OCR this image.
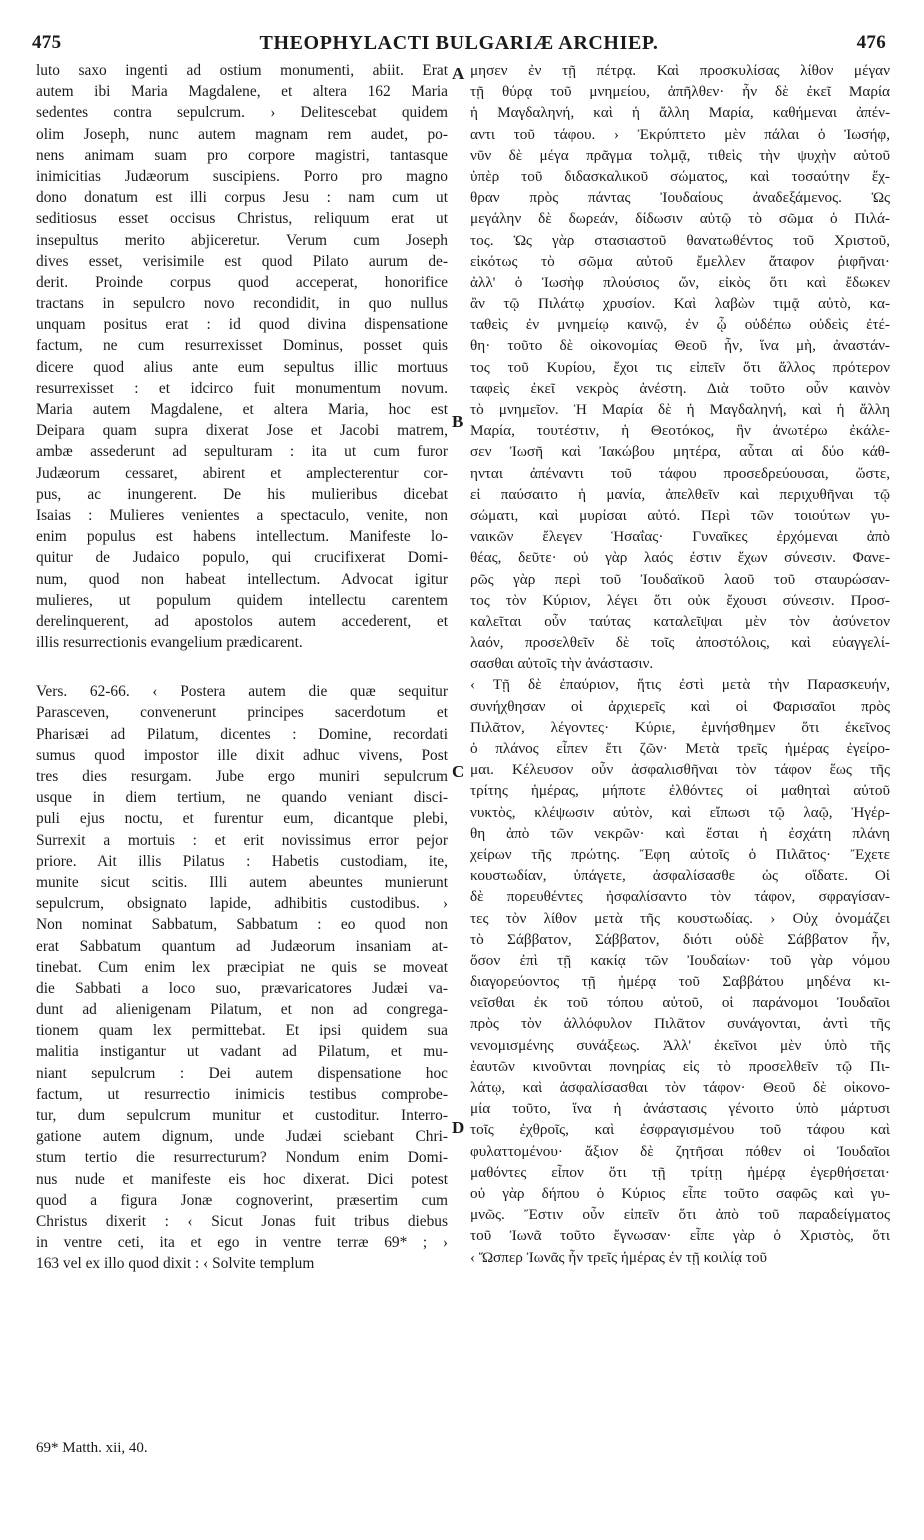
475	THEOPHYLACTI BULGARIÆ ARCHIEP.	476
luto saxo ingenti ad ostium monumenti, abiit. Erat
autem ibi Maria Magdalene, et altera 162 Maria
sedentes contra sepulcrum. › Delitescebat quidem
olim Joseph, nunc autem magnam rem audet, po-
nens animam suam pro corpore magistri, tantasque
inimicitias Judæorum suscipiens. Porro pro magno
dono donatum est illi corpus Jesu : nam cum ut
seditiosus esset occisus Christus, reliquum erat ut
insepultus merito abjiceretur. Verum cum Joseph
dives esset, verisimile est quod Pilato aurum de-
derit. Proinde corpus quod acceperat, honorifice
tractans in sepulcro novo recondidit, in quo nullus
unquam positus erat : id quod divina dispensatione
factum, ne cum resurrexisset Dominus, posset quis
dicere quod alius ante eum sepultus illic mortuus
resurrexisset : et idcirco fuit monumentum novum.
Maria autem Magdalene, et altera Maria, hoc est
Deipara quam supra dixerat Jose et Jacobi matrem,
ambæ assederunt ad sepulturam : ita ut cum furor
Judæorum cessaret, abirent et amplecterentur cor-
pus, ac inungerent. De his mulieribus dicebat
Isaias : Mulieres venientes a spectaculo, venite, non
enim populus est habens intellectum. Manifeste lo-
quitur de Judaico populo, qui crucifixerat Domi-
num, quod non habeat intellectum. Advocat igitur
mulieres, ut populum quidem intellectu carentem
derelinquerent, ad apostolos autem accederent, et
illis resurrectionis evangelium prædicarent.
Vers. 62-66. ‹ Postera autem die quæ sequitur
Parasceven, convenerunt principes sacerdotum et
Pharisæi ad Pilatum, dicentes : Domine, recordati
sumus quod impostor ille dixit adhuc vivens, Post
tres dies resurgam. Jube ergo muniri sepulcrum
usque in diem tertium, ne quando veniant disci-
puli ejus noctu, et furentur eum, dicantque plebi,
Surrexit a mortuis : et erit novissimus error pejor
priore. Ait illis Pilatus : Habetis custodiam, ite,
munite sicut scitis. Illi autem abeuntes munierunt
sepulcrum, obsignato lapide, adhibitis custodibus. ›
Non nominat Sabbatum, Sabbatum : eo quod non
erat Sabbatum quantum ad Judæorum insaniam at-
tinebat. Cum enim lex præcipiat ne quis se moveat
die Sabbati a loco suo, prævaricatores Judæi va-
dunt ad alienigenam Pilatum, et non ad congrega-
tionem quam lex permittebat. Et ipsi quidem sua
malitia instigantur ut vadant ad Pilatum, et mu-
niant sepulcrum : Dei autem dispensatione hoc
factum, ut resurrectio inimicis testibus comprobe-
tur, dum sepulcrum munitur et custoditur. Interro-
gatione autem dignum, unde Judæi sciebant Chri-
stum tertio die resurrecturum? Nondum enim Domi-
nus nude et manifeste eis hoc dixerat. Dici potest
quod a figura Jonæ cognoverint, præsertim cum
Christus dixerit : ‹ Sicut Jonas fuit tribus diebus
in ventre ceti, ita et ego in ventre terræ 69* ; ›
163 vel ex illo quod dixit : ‹ Solvite templum
μησεν ἐν τῇ πέτρᾳ. Καὶ προσκυλίσας λίθον μέγαν
τῇ θύρᾳ τοῦ μνημείου, ἀπῆλθεν· ἦν δὲ ἐκεῖ Μαρία
ἡ Μαγδαληνή, καὶ ἡ ἄλλη Μαρία, καθήμεναι ἀπέν-
αντι τοῦ τάφου. › Ἐκρύπτετο μὲν πάλαι ὁ Ἰωσήφ,
νῦν δὲ μέγα πρᾶγμα τολμᾷ, τιθεὶς τὴν ψυχὴν αὐτοῦ
ὑπὲρ τοῦ διδασκαλικοῦ σώματος, καὶ τοσαύτην ἔχ-
θραν πρὸς πάντας Ἰουδαίους ἀναδεξάμενος. Ὡς
μεγάλην δὲ δωρεάν, δίδωσιν αὐτῷ τὸ σῶμα ὁ Πιλά-
τος. Ὡς γὰρ στασιαστοῦ θανατωθέντος τοῦ Χριστοῦ,
εἰκότως τὸ σῶμα αὐτοῦ ἔμελλεν ἄταφον ῥιφῆναι·
ἀλλ' ὁ Ἰωσὴφ πλούσιος ὤν, εἰκὸς ὅτι καὶ ἔδωκεν
ἂν τῷ Πιλάτῳ χρυσίον. Καὶ λαβὼν τιμᾷ αὐτὸ, κα-
ταθεὶς ἐν μνημείῳ καινῷ, ἐν ᾧ οὐδέπω οὐδεὶς ἐτέ-
θη· τοῦτο δὲ οἰκονομίας Θεοῦ ἦν, ἵνα μὴ, ἀναστάν-
τος τοῦ Κυρίου, ἔχοι τις εἰπεῖν ὅτι ἄλλος πρότερον
ταφεὶς ἐκεῖ νεκρὸς ἀνέστη. Διὰ τοῦτο οὖν καινὸν
τὸ μνημεῖον. Ἡ Μαρία δὲ ἡ Μαγδαληνή, καὶ ἡ ἄλλη
Μαρία, τουτέστιν, ἡ Θεοτόκος, ἣν ἀνωτέρω ἐκάλε-
σεν Ἰωσῆ καὶ Ἰακώβου μητέρα, αὗται αἱ δύο κάθ-
ηνται ἀπέναντι τοῦ τάφου προσεδρεύουσαι, ὥστε,
εἰ παύσαιτο ἡ μανία, ἀπελθεῖν καὶ περιχυθῆναι τῷ
σώματι, καὶ μυρίσαι αὐτό. Περὶ τῶν τοιούτων γυ-
ναικῶν ἔλεγεν Ἡσαΐας· Γυναῖκες ἐρχόμεναι ἀπὸ
θέας, δεῦτε· οὐ γὰρ λαός ἐστιν ἔχων σύνεσιν. Φανε-
ρῶς γὰρ περὶ τοῦ Ἰουδαϊκοῦ λαοῦ τοῦ σταυρώσαν-
τος τὸν Κύριον, λέγει ὅτι οὐκ ἔχουσι σύνεσιν. Προσ-
καλεῖται οὖν ταύτας καταλεῖψαι μὲν τὸν ἀσύνετον
λαόν, προσελθεῖν δὲ τοῖς ἀποστόλοις, καὶ εὐαγγελί-
σασθαι αὐτοῖς τὴν ἀνάστασιν.
‹ Τῇ δὲ ἐπαύριον, ἥτις ἐστὶ μετὰ τὴν Παρασκευήν,
συνήχθησαν οἱ ἀρχιερεῖς καὶ οἱ Φαρισαῖοι πρὸς
Πιλᾶτον, λέγοντες· Κύριε, ἐμνήσθημεν ὅτι ἐκεῖνος
ὁ πλάνος εἶπεν ἔτι ζῶν· Μετὰ τρεῖς ἡμέρας ἐγείρο-
μαι. Κέλευσον οὖν ἀσφαλισθῆναι τὸν τάφον ἕως τῆς
τρίτης ἡμέρας, μήποτε ἐλθόντες οἱ μαθηταὶ αὐτοῦ
νυκτὸς, κλέψωσιν αὐτὸν, καὶ εἴπωσι τῷ λαῷ, Ἠγέρ-
θη ἀπὸ τῶν νεκρῶν· καὶ ἔσται ἡ ἐσχάτη πλάνη
χείρων τῆς πρώτης. Ἔφη αὐτοῖς ὁ Πιλᾶτος· Ἔχετε
κουστωδίαν, ὑπάγετε, ἀσφαλίσασθε ὡς οἴδατε. Οἱ
δὲ πορευθέντες ἠσφαλίσαντο τὸν τάφον, σφραγίσαν-
τες τὸν λίθον μετὰ τῆς κουστωδίας. › Οὐχ ὀνομάζει
τὸ Σάββατον, Σάββατον, διότι οὐδὲ Σάββατον ἦν,
ὅσον ἐπὶ τῇ κακίᾳ τῶν Ἰουδαίων· τοῦ γὰρ νόμου
διαγορεύοντος τῇ ἡμέρᾳ τοῦ Σαββάτου μηδένα κι-
νεῖσθαι ἐκ τοῦ τόπου αὐτοῦ, οἱ παράνομοι Ἰουδαῖοι
πρὸς τὸν ἀλλόφυλον Πιλᾶτον συνάγονται, ἀντὶ τῆς
νενομισμένης συνάξεως. Ἀλλ' ἐκεῖνοι μὲν ὑπὸ τῆς
ἑαυτῶν κινοῦνται πονηρίας εἰς τὸ προσελθεῖν τῷ Πι-
λάτῳ, καὶ ἀσφαλίσασθαι τὸν τάφον· Θεοῦ δὲ οἰκονο-
μία τοῦτο, ἵνα ἡ ἀνάστασις γένοιτο ὑπὸ μάρτυσι
τοῖς ἐχθροῖς, καὶ ἐσφραγισμένου τοῦ τάφου καὶ
φυλαττομένου· ἄξιον δὲ ζητῆσαι πόθεν οἱ Ἰουδαῖοι
μαθόντες εἶπον ὅτι τῇ τρίτῃ ἡμέρᾳ ἐγερθήσεται·
οὐ γὰρ δήπου ὁ Κύριος εἶπε τοῦτο σαφῶς καὶ γυ-
μνῶς. Ἔστιν οὖν εἰπεῖν ὅτι ἀπὸ τοῦ παραδείγματος
τοῦ Ἰωνᾶ τοῦτο ἔγνωσαν· εἶπε γὰρ ὁ Χριστὸς, ὅτι
‹ Ὥσπερ Ἰωνᾶς ἦν τρεῖς ἡμέρας ἐν τῇ κοιλίᾳ τοῦ
A
B
C
D
69* Matth. xii, 40.
